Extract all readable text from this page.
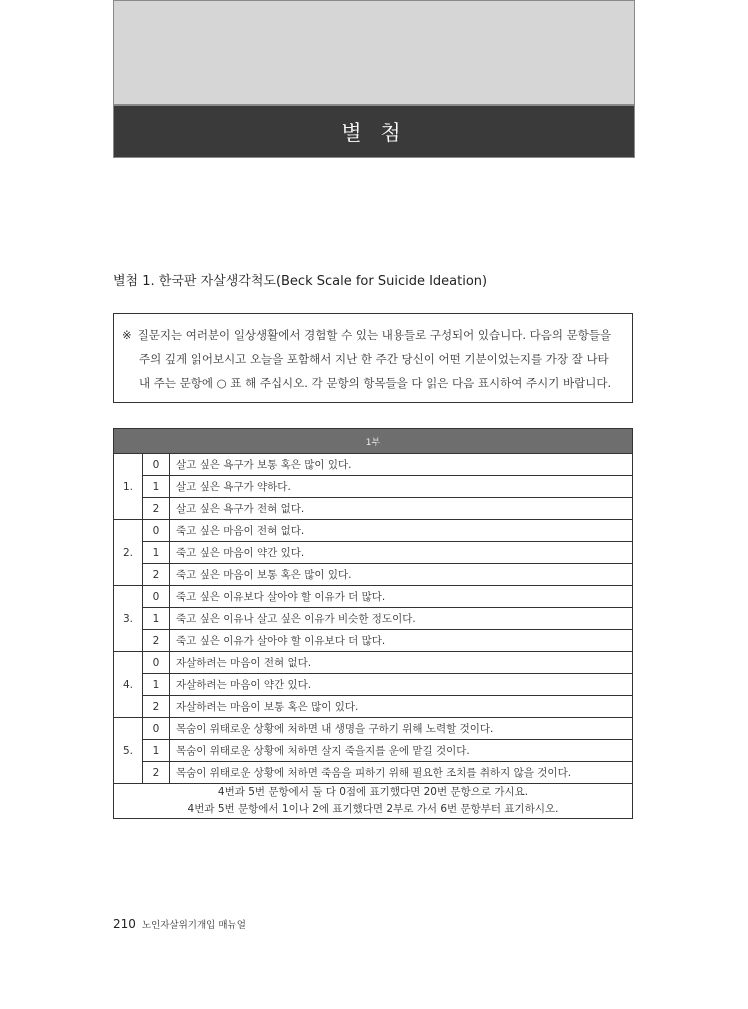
별 첨
별첨 1. 한국판 자살생각척도(Beck Scale for Suicide Ideation)
※ 질문지는 여러분이 일상생활에서 경험할 수 있는 내용들로 구성되어 있습니다. 다음의 문항들을
주의 깊게 읽어보시고 오늘을 포함해서 지난 한 주간 당신이 어떤 기분이었는지를 가장 잘 나타
내 주는 문항에 ○ 표 해 주십시오. 각 문항의 항목들을 다 읽은 다음 표시하여 주시기 바랍니다.
1부		
1.	0	살고 싶은 욕구가 보통 혹은 많이 있다.
	1	살고 싶은 욕구가 약하다.
	2	살고 싶은 욕구가 전혀 없다.
2.	0	죽고 싶은 마음이 전혀 없다.
	1	죽고 싶은 마음이 약간 있다.
	2	죽고 싶은 마음이 보통 혹은 많이 있다.
3.	0	죽고 싶은 이유보다 살아야 할 이유가 더 많다.
	1	죽고 싶은 이유나 살고 싶은 이유가 비슷한 정도이다.
	2	죽고 싶은 이유가 살아야 할 이유보다 더 많다.
4.	0	자살하려는 마음이 전혀 없다.
	1	자살하려는 마음이 약간 있다.
	2	자살하려는 마음이 보통 혹은 많이 있다.
5.	0	목숨이 위태로운 상황에 처하면 내 생명을 구하기 위해 노력할 것이다.
	1	목숨이 위태로운 상황에 처하면 살지 죽을지를 운에 맡길 것이다.
	2	목숨이 위태로운 상황에 처하면 죽음을 피하기 위해 필요한 조치를 취하지 않을 것이다.

4번과 5번 문항에서 둘 다 0점에 표기했다면 20번 문항으로 가시요.
4번과 5번 문항에서 1이나 2에 표기했다면 2부로 가서 6번 문항부터 표기하시오.		
210 노인자살위기개입 매뉴얼
